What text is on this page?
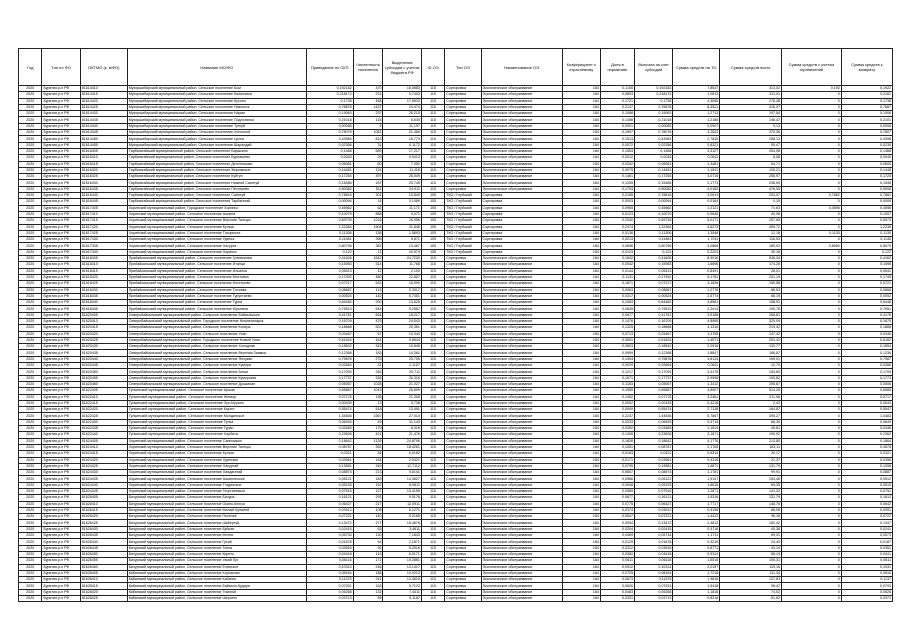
Год	Тип по ФО	ОКТМО (к. в/ФО)	Название МО/ФО	Приведение по СКП	Численность населения	Выделение субсидии с учетом бюджета РФ	ID ОЭ	Тип ОЭ	Наименование ОЭ	Коэффициент к отраслевому	Доля в нормативе	Выплата за счет субсидий	Сумма средств на ТО	Сумма средств всего	Сумма средств с учетом ограничений	Сумма средств к возврату
2020	Бурятия.р-н РФ	81614410	Мухоршибирский муниципальный район, Сельское поселение Бом	0,192182	470	16,0683	115	Сортировка	Экологическое обслуживание	184	0,1100	0,192182	7,8547	313,02	0,192	0,1922
2020	Бурятия.р-н РФ	81614415	Мухоршибирский муниципальный район, Сельское поселение Калиновка	0,218172	231	0,7403	115	Сортировка	Экологическое обслуживание	184	0,0893	0,218172	1,0813	311,01	0	0,2181
2020	Бурятия.р-н РФ	81614420	Мухоршибирский муниципальный район, Сельское поселение Кусоты	0,1738	458	17,6533	115	Сортировка	Экологическое обслуживание	184	0,1721	0,1738	4,3066	278,48	0	0,1738
2020	Бурятия.р-н РФ	81614425	Мухоршибирский муниципальный район, Сельское поселение Никольск	0,76878	1437	24,474	115	Сортировка	Экологическое обслуживание	184	0,2147	0,76878	8,3521	416,37	0	0,7687
2020	Бурятия.р-н РФ	81614430	Мухоршибирский муниципальный район, Сельское поселение Нарын	0,19063	237	26,215	115	Сортировка	Экологическое обслуживание	184	0,1088	0,19063	1,2713	197,54	0	0,1906
2020	Бурятия.р-н РФ	81614435	Мухоршибирский муниципальный район, Сельское поселение Подлопатки	0,21018	115	5,635	115	Сортировка	Экологическое обслуживание	184	0,1456	0,21018	1,2186	146,47	0	0,2101
2020	Бурятия.р-н РФ	81614440	Мухоршибирский муниципальный район, Сельское поселение Тугнуй	0,00065	5	11,157	115	Сортировка	Экологическое обслуживание	184	0,0001	0,00065	0,0907	9,13	0	0,0006
2020	Бурятия.р-н РФ	81614445	Мухоршибирский муниципальный район, Сельское поселение Хонхолой	0,78075	1081	21,466	115	Сортировка	Экологическое обслуживание	184	0,1997	0,78075	4,3911	375,36	0	0,7807
2020	Бурятия.р-н РФ	81614450	Мухоршибирский муниципальный район, Сельское поселение Цолга	0,43984	813	16,773	115	Сортировка	Экологическое обслуживание	184	0,1513	0,43984	2,7815	258,13	0	0,4398
2020	Бурятия.р-н РФ	81614455	Мухоршибирский муниципальный район, Сельское поселение Шаралдай	0,02356	31	0,1172	115	Сортировка	Экологическое обслуживание	184	0,0072	0,02356	0,8321	55,47	0	0,0235
2020	Бурятия.р-н РФ	81616405	Тарбагатайский муниципальный район, Сельское поселение Барыкино	0,1468	589	17,217	115	Сортировка	Экологическое обслуживание	184	0,1554	0,1468	3,3127	254,08	0	0,1468
2020	Бурятия.р-н РФ	81616410	Тарбагатайский муниципальный район, Сельское поселение Бурнашево	0,0045	29	0,5413	115	Сортировка	Экологическое обслуживание	184	0,0012	0,0045	0,0511	6,08	0	0,0045
2020	Бурятия.р-н РФ	81616415	Тарбагатайский муниципальный район, Сельское поселение Десятниково	0,06081	80	7,350	115	Сортировка	Экологическое обслуживание	184	0,0342	0,06081	1,3481	54,71	0	0,0608
2020	Бурятия.р-н РФ	81616420	Тарбагатайский муниципальный район, Сельское поселение Жиримское	0,14481	124	11,118	115	Сортировка	Экологическое обслуживание	184	0,0975	0,14481	1,1541	105,21	0	0,1448
2020	Бурятия.р-н РФ	81616425	Тарбагатайский муниципальный район, Сельское поселение Куйтун	0,17254	397	26,549	115	Сортировка	Экологическое обслуживание	184	0,1461	0,17254	3,0715	256,97	0	0,1725
2020	Бурятия.р-н РФ	81616430	Тарбагатайский муниципальный район, Сельское поселение Нижний Саянтуй	0,15486	187	20,745	115	Сортировка	Экологическое обслуживание	184	0,1255	0,15486	2,1773	238,59	0	0,1548
2020	Бурятия.р-н РФ	81616435	Тарбагатайский муниципальный район, Сельское поселение Пестерево	0,50082	511	24,911	115	Сортировка	Экологическое обслуживание	184	0,1793	0,50082	4,0162	476,05	0	0,5008
2020	Бурятия.р-н РФ	81616440	Тарбагатайский муниципальный район, Сельское поселение Саянтуй	0,78816	301	10,840	105	ТКО / Глубокий	Сортировка	184	0,2185	0,78816	3,0914	293,07	0,7882	0,7881
2020	Бурятия.р-н РФ	81616445	Тарбагатайский муниципальный район, Сельское поселение Тарбагатай	0,00094	14	0,1489	105	ТКО / Глубокий	Сортировка	184	0,0003	0,00094	0,0164	0,19	0	0,0009
2020	Бурятия.р-н РФ	81617405	Хоринский муниципальный район, Городское поселение Хоринск	0,45962	62	11,171	105	ТКО / Глубокий	Сортировка	184	0,0965	0,45962	1,2121	71,63	0,4596	0,4596
2020	Бурятия.р-н РФ	81617410	Хоринский муниципальный район, Сельское поселение Ашанга	0,10079	888	4,071	105	ТКО / Глубокий	Сортировка	184	0,0123	0,10079	0,9846	40,08	0	0,1007
2020	Бурятия.р-н РФ	81617415	Хоринский муниципальный район, Сельское поселение Верхние Тальцы	0,69739	1216	26,956	105	ТКО / Глубокий	Сортировка	184	0,2040	0,69739	5,0171	257,65	0	0,6973
2020	Бурятия.р-н РФ	81617420	Хоринский муниципальный район, Сельское поселение Кульск	1,22364	1504	31,846	105	ТКО / Глубокий	Сортировка	184	0,2474	1,22364	4,6273	499,72	0	1,2236
2020	Бурятия.р-н РФ	81617425	Хоринский муниципальный район, Сельское поселение Тохорюкта	0,11306	138	1,5893	105	ТКО / Глубокий	Сортировка	184	0,0136	0,11306	1,3548	12,18	0,1130	0,1130
2020	Бурятия.р-н РФ	81617430	Хоринский муниципальный район, Сельское поселение Удинск	0,11461	396	5,871	105	ТКО / Глубокий	Сортировка	184	0,0213	0,11461	1,7011	116,53	0	0,1146
2020	Бурятия.р-н РФ	81617435	Хоринский муниципальный район, Сельское поселение Хасурта	0,80796	381	13,467	105	ТКО / Глубокий	Сортировка	184	0,0896	0,80796	3,0866	189,93	0,8080	0,8079
2020	Бурятия.р-н РФ	81617440	Хоринский муниципальный район, Сельское поселение Хоринск	0,122	11	10,974	105	ТКО / Глубокий	Сортировка	184	0,0123	0,122	0,2201	30,18	0	0,122
2020	Бурятия.р-н РФ	81618405	Прибайкальский муниципальный район, Сельское поселение Гремячинск	0,41626	1642	24,7230	115	Сортировка	Экологическое обслуживание	184	0,1642	0,41626	8,4016	546,34	0	0,4162
2020	Бурятия.р-н РФ	81618410	Прибайкальский муниципальный район, Сельское поселение Итанца	0,15983	314	11,768	115	Сортировка	Экологическое обслуживание	184	0,0542	0,15983	1,6696	174,26	0	0,1598
2020	Бурятия.р-н РФ	81618415	Прибайкальский муниципальный район, Сельское поселение Ильинка	0,05413	12	2,100	115	Сортировка	Экологическое обслуживание	184	0,0144	0,05413	0,8491	28,01	0	0,0541
2020	Бурятия.р-н РФ	81618420	Прибайкальский муниципальный район, Сельское поселение Мостовка	0,17492	480	22,807	115	Сортировка	Экологическое обслуживание	184	0,1131	0,17492	5,1781	231,19	0	0,1749
2020	Бурятия.р-н РФ	81618425	Прибайкальский муниципальный район, Сельское поселение Нестерово	0,07217	532	18,990	115	Сортировка	Экологическое обслуживание	184	0,1871	0,07217	3,1836	159,58	0	0,0721
2020	Бурятия.р-н РФ	81618430	Прибайкальский муниципальный район, Сельское поселение Таловка	0,08687	113	0,3317	115	Сортировка	Экологическое обслуживание	184	0,0063	0,08687	1,2776	86,53	0	0,0868
2020	Бурятия.р-н РФ	81618435	Прибайкальский муниципальный район, Сельское поселение Турунтаево	0,00524	142	5,7451	115	Сортировка	Экологическое обслуживание	184	0,0317	0,00524	2,6774	66,19	0	0,0052
2020	Бурятия.р-н РФ	81618440	Прибайкальский муниципальный район, Сельское поселение Турка	0,64482	200	13,625	115	Сортировка	Экологическое обслуживание	184	0,1063	0,64482	3,8561	158,91	0	0,6448
2020	Бурятия.р-н РФ	81618445	Прибайкальский муниципальный район, Сельское поселение Юрьевка	0,79513	544	9,2557	115	Сортировка	Экологическое обслуживание	184	0,0849	0,79513	2,2014	190,76	0	0,7951
2020	Бурятия.р-н РФ	81620405	Северобайкальский муниципальный район, Сельское поселение Байкальское	0,41761	664	18,217	115	Сортировка	Экологическое обслуживание	184	0,0877	0,41761	3,5186	268,81	0	0,4176
2020	Бурятия.р-н РФ	81620410	Северобайкальский муниципальный район, Городское поселение Нижнеангарск	0,16709	475	24,543	115	Сортировка	Экологическое обслуживание	184	0,1476	0,16709	4,8965	325,09	0	0,1670
2020	Бурятия.р-н РФ	81620415	Северобайкальский муниципальный район, Сельское поселение Кичера	0,18668	522	20,361	115	Сортировка	Экологическое обслуживание	184	0,1325	0,18668	4,1316	219,42	0	0,1866
2020	Бурятия.р-н РФ	81620420	Северобайкальский муниципальный район, Сельское поселение Уоян	0,03467	67	10,344	115	Сортировка	Экологическое обслуживание	184	0,0713	0,03467	1,3795	147,42	0	0,0346
2020	Бурятия.р-н РФ	81620425	Северобайкальский муниципальный район, Городское поселение Новый Уоян	0,51624	444	9,6544	115	Сортировка	Экологическое обслуживание	184	0,0691	0,51624	1,4571	201,41	0	0,5162
2020	Бурятия.р-н РФ	81620430	Северобайкальский муниципальный район, Сельское поселение Холодная	0,18542	343	10,848	115	Сортировка	Экологическое обслуживание	184	0,0803	0,18542	2,0916	130,77	0	0,1854
2020	Бурятия.р-н РФ	81620435	Северобайкальский муниципальный район, Сельское поселение Верхняя Заимка	0,12368	183	14,361	115	Сортировка	Экологическое обслуживание	184	0,0999	0,12368	1,8847	186,87	0	0,1236
2020	Бурятия.р-н РФ	81620440	Северобайкальский муниципальный район, Сельское поселение Янчукан	0,79878	275	20,755	115	Сортировка	Экологическое обслуживание	184	0,1394	0,79878	3,8134	199,01	0	0,7987
2020	Бурятия.р-н РФ	81620445	Северобайкальский муниципальный район, Сельское поселение Кумора	0,02664	31	2,1107	115	Сортировка	Экологическое обслуживание	184	0,0029	0,02664	0,0611	10,70	0	0,0266
2020	Бурятия.р-н РФ	81620450	Северобайкальский муниципальный район, Сельское поселение Ангоя	0,17094	264	20,711	115	Сортировка	Экологическое обслуживание	184	0,1217	0,17094	4,4175	154,80	0	0,1709
2020	Бурятия.р-н РФ	81620455	Северобайкальский муниципальный район, Сельское поселение Куморская	0,17737	335	26,316	115	Сортировка	Экологическое обслуживание	184	0,1671	0,17737	2,9596	193,82	0	0,1773
2020	Бурятия.р-н РФ	81620460	Северобайкальский муниципальный район, Сельское поселение Душкачан	0,05067	1028	21,027	115	Сортировка	Экологическое обслуживание	184	0,1183	0,05067	1,3412	255,67	0	0,0506
2020	Бурятия.р-н РФ	81622405	Тункинский муниципальный район, Сельское поселение Аршан	0,65867	1043	26,699	115	Сортировка	Экологическое обслуживание	184	0,1955	0,65867	4,8907	514,28	0	0,6586
2020	Бурятия.р-н РФ	81622410	Тункинский муниципальный район, Сельское поселение Жемчуг	0,07176	195	21,308	115	Сортировка	Экологическое обслуживание	184	0,1462	0,07176	3,2461	211,96	0	0,0717
2020	Бурятия.р-н РФ	81622415	Тункинский муниципальный район, Сельское поселение Зун-Мурино	0,00439	13	0,738	115	Сортировка	Экологическое обслуживание	184	0,0002	0,00439	0,4216	2,42	0	0,0043
2020	Бурятия.р-н РФ	81622420	Тункинский муниципальный район, Сельское поселение Кырен	0,55474	518	13,491	115	Сортировка	Экологическое обслуживание	184	0,0949	0,55474	2,7138	164,87	0	0,5547
2020	Бурятия.р-н РФ	81622425	Тункинский муниципальный район, Сельское поселение Мондинское	1,44836	1567	27,014	115	Сортировка	Экологическое обслуживание	184	0,2247	1,44836	5,7687	395,27	0	1,4483
2020	Бурятия.р-н РФ	81622430	Тункинский муниципальный район, Сельское поселение Тунка	0,06493	49	11,143	115	Сортировка	Экологическое обслуживание	184	0,0233	0,06493	0,3715	66,30	0	0,0649
2020	Бурятия.р-н РФ	81622435	Тункинский муниципальный район, Сельское поселение Туран	0,03469	179	6,318	115	Сортировка	Экологическое обслуживание	184	0,0392	0,03469	1,1514	45,81	0	0,0346
2020	Бурятия.р-н РФ	81622440	Тункинский муниципальный район, Сельское поселение Харбяты	0,23626	421	21,476	115	Сортировка	Экологическое обслуживание	184	0,1408	0,23626	3,1871	190,92	0	0,2362
2020	Бурятия.р-н РФ	81624405	Хоринский муниципальный район, Сельское поселение Санномыск	0,18642	1139	24,8796	115	Сортировка	Экологическое обслуживание	184	0,1826	0,18642	4,1776	213,80	0	0,1864
2020	Бурятия.р-н РФ	81624410	Хоринский муниципальный район, Сельское поселение Верхние Талецы	0,08787	352	18,4261	115	Сортировка	Экологическое обслуживание	184	0,1051	0,08787	2,1765	163,11	0	0,0878
2020	Бурятия.р-н РФ	81624415	Хоринский муниципальный район, Сельское поселение Кульск	0,0321	54	6,0182	115	Сортировка	Экологическое обслуживание	184	0,0183	0,0321	0,6314	20,17	0	0,0321
2020	Бурятия.р-н РФ	81624420	Хоринский муниципальный район, Сельское поселение Удинское	0,03961	144	2,9421	115	Сортировка	Экологическое обслуживание	184	0,0171	0,03961	0,4316	21,37	0	0,0396
2020	Бурятия.р-н РФ	81624425	Хоринский муниципальный район, Сельское поселение Хасуртай	0,13581	349	12,7112	115	Сортировка	Экологическое обслуживание	184	0,0795	0,13581	1,6871	131,79	0	0,1358
2020	Бурятия.р-н РФ	81624430	Хоринский муниципальный район, Сельское поселение Хандагатай	0,08874	213	9,8141	115	Сортировка	Экологическое обслуживание	184	0,0657	0,08874	1,1781	99,91	0	0,0887
2020	Бурятия.р-н РФ	81624435	Хоринский муниципальный район, Сельское поселение Ашангинское	0,05121	183	14,3627	115	Сортировка	Экологическое обслуживание	184	0,0966	0,05121	1,9147	154,46	0	0,0512
2020	Бурятия.р-н РФ	81624440	Хоринский муниципальный район, Сельское поселение Тэгдинское	0,05193	152	8,0811	115	Сортировка	Экологическое обслуживание	184	0,0548	0,05193	1,6615	65,35	0	0,0519
2020	Бурятия.р-н РФ	81624445	Хоринский муниципальный район, Сельское поселение Георгиевское	0,07516	127	10,4155	115	Сортировка	Экологическое обслуживание	184	0,0589	0,07516	1,2871	141,32	0	0,0751
2020	Бурятия.р-н РФ	81626405	Бичурский муниципальный район, Сельское поселение Бичура	0,16121	293	9,5176	115	Сортировка	Экологическое обслуживание	184	0,0677	0,16121	1,5316	131,79	0	0,1612
2020	Бурятия.р-н РФ	81626410	Бичурский муниципальный район, Сельское поселение Окино-Ключи	0,06427	217	12,0911	115	Сортировка	Экологическое обслуживание	184	0,0775	0,06427	1,7717	148,76	0	0,0642
2020	Бурятия.р-н РФ	81626415	Бичурский муниципальный район, Сельское поселение Малый Куналей	0,03912	108	6,1271	115	Сортировка	Экологическое обслуживание	184	0,0374	0,03912	0,9158	66,06	0	0,0391
2020	Бурятия.р-н РФ	81626420	Бичурский муниципальный район, Сельское поселение Посельё	0,07221	140	9,2165	115	Сортировка	Экологическое обслуживание	184	0,0547	0,07221	1,4413	96,18	0	0,0722
2020	Бурятия.р-н РФ	81626425	Бичурский муниципальный район, Сельское поселение Шибертуй	0,13472	277	15,4876	115	Сортировка	Экологическое обслуживание	184	0,0934	0,13472	2,4812	182,42	0	0,1347
2020	Бурятия.р-н РФ	81626430	Бичурский муниципальный район, Сельское поселение Буйсан	0,02415	63	3,4611	115	Сортировка	Экологическое обслуживание	184	0,0204	0,02415	0,5716	40,38	0	0,0241
2020	Бурятия.р-н РФ	81626435	Бичурский муниципальный район, Сельское поселение Мотня	0,05734	130	7,1843	115	Сортировка	Экологическое обслуживание	184	0,0469	0,05734	1,1711	69,31	0	0,0573
2020	Бурятия.р-н РФ	81626440	Бичурский муниципальный район, Сельское поселение Гутай	0,01878	54	2,1871	115	Сортировка	Экологическое обслуживание	184	0,0129	0,01878	0,3215	24,40	0	0,0187
2020	Бурятия.р-н РФ	81626445	Бичурский муниципальный район, Сельское поселение Топка	0,03516	92	5,2916	115	Сортировка	Экологическое обслуживание	184	0,0312	0,03516	0,8771	43,14	0	0,0351
2020	Бурятия.р-н РФ	81626450	Бичурский муниципальный район, Сельское поселение Киреть	0,04418	116	6,0171	115	Сортировка	Экологическое обслуживание	184	0,0382	0,04418	0,9314	58,19	0	0,0441
2020	Бурятия.р-н РФ	81626455	Бичурский муниципальный район, Сельское поселение Узкий Луг	0,06116	171	10,2861	115	Сортировка	Экологическое обслуживание	184	0,0611	0,06116	1,5516	106,31	0	0,0611
2020	Бурятия.р-н РФ	81626460	Бичурский муниципальный район, Сельское поселение Еланское	0,10314	246	13,1417	115	Сортировка	Экологическое обслуживание	184	0,0912	0,10314	2,0157	119,16	0	0,1031
2020	Бурятия.р-н РФ	81628405	Кабанский муниципальный район, Сельское поселение Корсаково	0,08164	186	10,9213	115	Сортировка	Экологическое обслуживание	184	0,0705	0,08164	1,7218	111,34	0	0,0816
2020	Бурятия.р-н РФ	81628410	Кабанский муниципальный район, Сельское поселение Кабанск	0,11375	241	12,4615	115	Сортировка	Экологическое обслуживание	184	0,0873	0,11375	1,9616	127,83	0	0,1137
2020	Бурятия.р-н РФ	81628415	Кабанский муниципальный район, Сельское поселение Байкало-Кудара	0,07931	163	9,7122	115	Сортировка	Экологическое обслуживание	184	0,0626	0,07931	1,5418	98,47	0	0,0793
2020	Бурятия.р-н РФ	81628420	Кабанский муниципальный район, Сельское поселение Тимлюй	0,05268	132	7,4411	115	Сортировка	Экологическое обслуживание	184	0,0483	0,05268	1,1816	74,02	0	0,0526
2020	Бурятия.р-н РФ	81628425	Кабанский муниципальный район, Сельское поселение Шергино	0,03713	89	5,1187	115	Сортировка	Экологическое обслуживание	184	0,0331	0,03713	0,8216	51,62	0	0,0371
